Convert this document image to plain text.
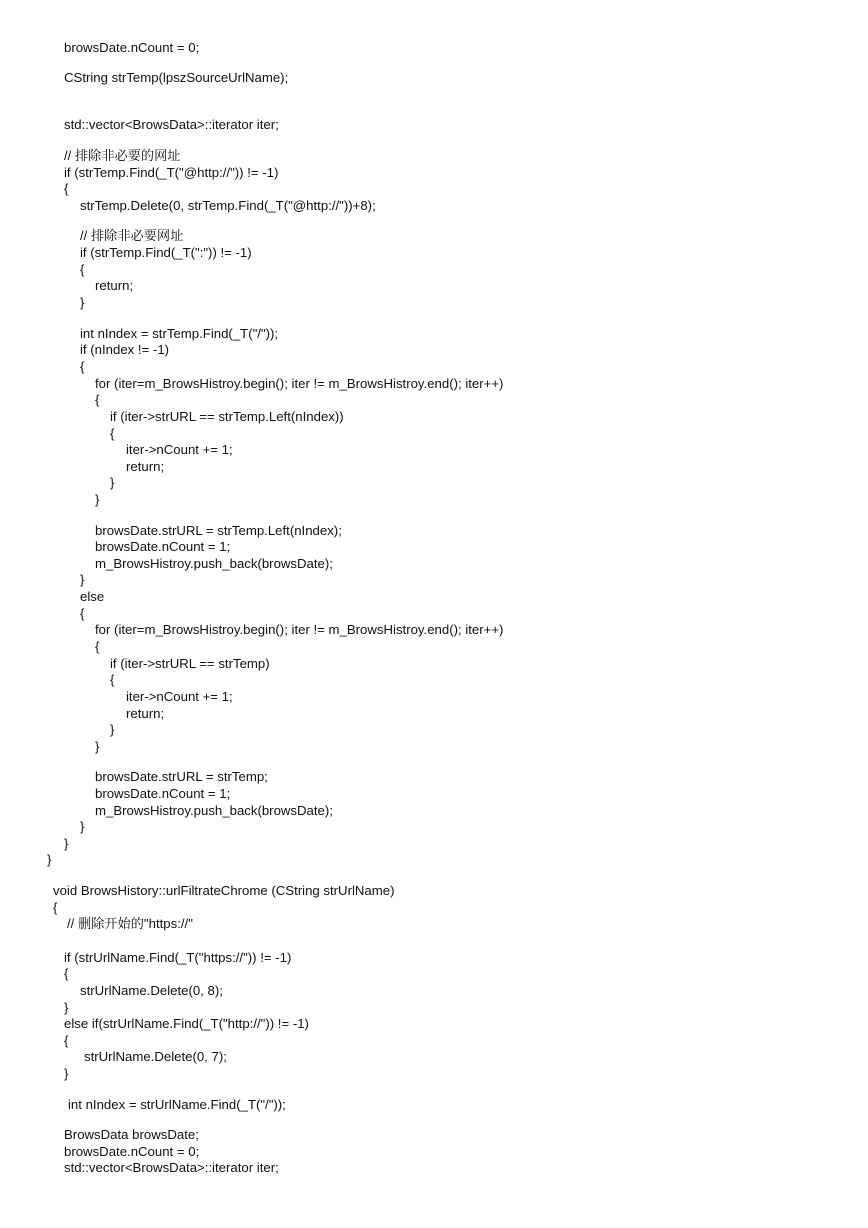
browsDate.nCount = 0;
CString strTemp(lpszSourceUrlName);
std::vector<BrowsData>::iterator iter;
// 排除非必要的网址
if (strTemp.Find(_T("@http://")) != -1)
{
strTemp.Delete(0, strTemp.Find(_T("@http://"))+8);
// 排除非必要网址
if (strTemp.Find(_T(":")) != -1)
{
return;
}
int nIndex = strTemp.Find(_T("/"));
if (nIndex != -1)
{
for (iter=m_BrowsHistroy.begin(); iter != m_BrowsHistroy.end(); iter++)
{
if (iter->strURL == strTemp.Left(nIndex))
{
iter->nCount += 1;
return;
}
}
browsDate.strURL = strTemp.Left(nIndex);
browsDate.nCount = 1;
m_BrowsHistroy.push_back(browsDate);
}
else
{
for (iter=m_BrowsHistroy.begin(); iter != m_BrowsHistroy.end(); iter++)
{
if (iter->strURL == strTemp)
{
iter->nCount += 1;
return;
}
}
browsDate.strURL = strTemp;
browsDate.nCount = 1;
m_BrowsHistroy.push_back(browsDate);
}
}
}
void BrowsHistory::urlFiltrateChrome (CString strUrlName)
{
// 删除开始的"https://"
if (strUrlName.Find(_T("https://")) != -1)
{
strUrlName.Delete(0, 8);
}
else if(strUrlName.Find(_T("http://")) != -1)
{
strUrlName.Delete(0, 7);
}
int nIndex = strUrlName.Find(_T("/"));
BrowsData browsDate;
browsDate.nCount = 0;
std::vector<BrowsData>::iterator iter;
